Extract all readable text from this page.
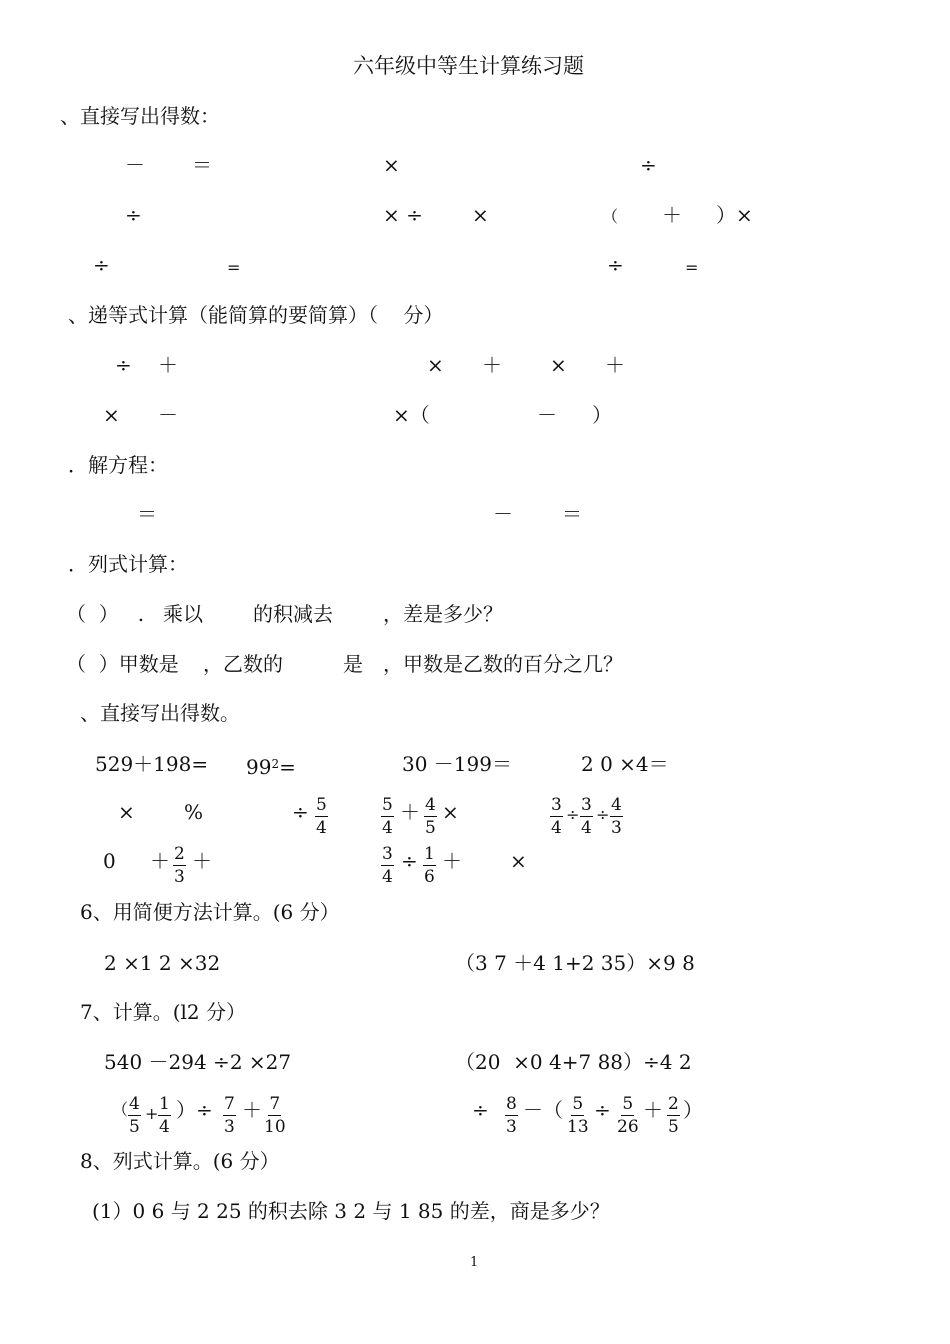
六年级中等生计算练习题
、直接写出得数：
－ ＝	×	÷
÷	× ÷ ×	（ ＋ ）×
÷	=	÷	=
、递等式计算（能简算的要简算）（    分）
÷ ＋	× ＋ × ＋
× －	×（	－ ）
．解方程：
＝	－ ＝
．列式计算：
（  ）   . 乘以	的积减去	，差是多少？
（  ）甲数是 ，乙数的	是 ，甲数是乙数的百分之几？
、直接写出得数。
$529+198= 99^2=$	30 －199＝	2 0 ×4＝
× %	÷ $\frac{5}{4}$	$\frac{5}{4} + \frac{4}{5}$ ×	$\frac{3}{4} \div \frac{3}{4} \div \frac{4}{3}$
$0 + \frac{2}{3}$ ＋	$\frac{3}{4} \div \frac{1}{6}$ ＋ ×
6、用简便方法计算。(6 分）
2 ×1 2 ×32	（3 7 ＋4 1+2 35）×9 8
7、计算。(l2 分）
540 －294 ÷2 ×27	（20  ×0 4+7 88）÷4 2
（ $\frac{4}{5} + \frac{1}{4}$ ）÷ $\frac{7}{3} + \frac{7}{10}$	÷ $\frac{8}{3}$ －（ $\frac{5}{13} \div \frac{5}{26} + \frac{2}{5}$ ）
8、列式计算。(6 分）
(1）0 6 与 2 25 的积去除 3 2 与 1 85 的差，商是多少？
1
